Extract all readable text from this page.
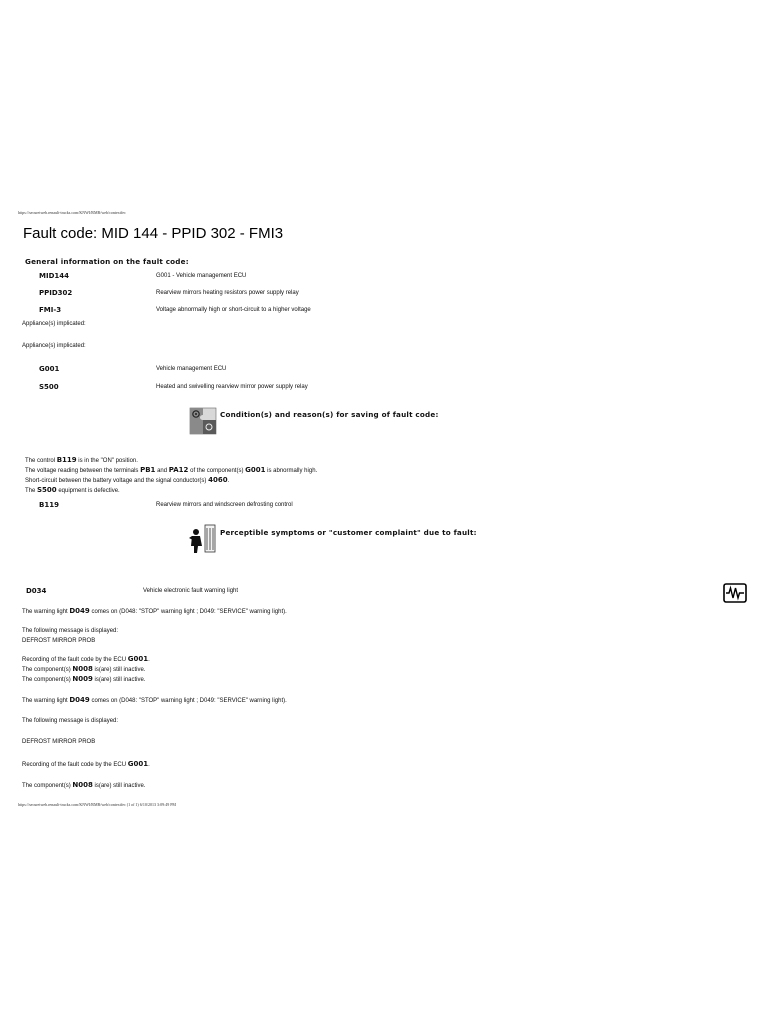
https://securetweb.renault-trucks.com/KNWI/RMB/web/contextfec
Fault code: MID 144 - PPID 302 - FMI3
General information on the fault code:
MID144	G001 - Vehicle management ECU
PPID302	Rearview mirrors heating resistors power supply relay
FMI-3	Voltage abnormally high or short-circuit to a higher voltage
Appliance(s) implicated:
Appliance(s) implicated:
G001	Vehicle management ECU
S500	Heated and swivelling rearview mirror power supply relay
Condition(s) and reason(s) for saving of fault code:
The control B119 is in the "ON" position.
The voltage reading between the terminals PB1 and PA12 of the component(s) G001 is abnormally high.
Short-circuit between the battery voltage and the signal conductor(s) 4060.
The S500 equipment is defective.
B119	Rearview mirrors and windscreen defrosting control
Perceptible symptoms or "customer complaint" due to fault:
D034	Vehicle electronic fault warning light
The warning light D049 comes on (D048: "STOP" warning light ; D049: "SERVICE" warning light).
The following message is displayed:
DEFROST MIRROR PROB
Recording of the fault code by the ECU G001.
The component(s) N008 is(are) still inactive.
The component(s) N009 is(are) still inactive.
The warning light D049 comes on (D048: "STOP" warning light ; D049: "SERVICE" warning light).
The following message is displayed:
DEFROST MIRROR PROB
Recording of the fault code by the ECU G001.
The component(s) N008 is(are) still inactive.
https://securetweb.renault-trucks.com/KNWI/RMB/web/contextfec (1 of 1) 6/10/2013 3:09:49 PM
